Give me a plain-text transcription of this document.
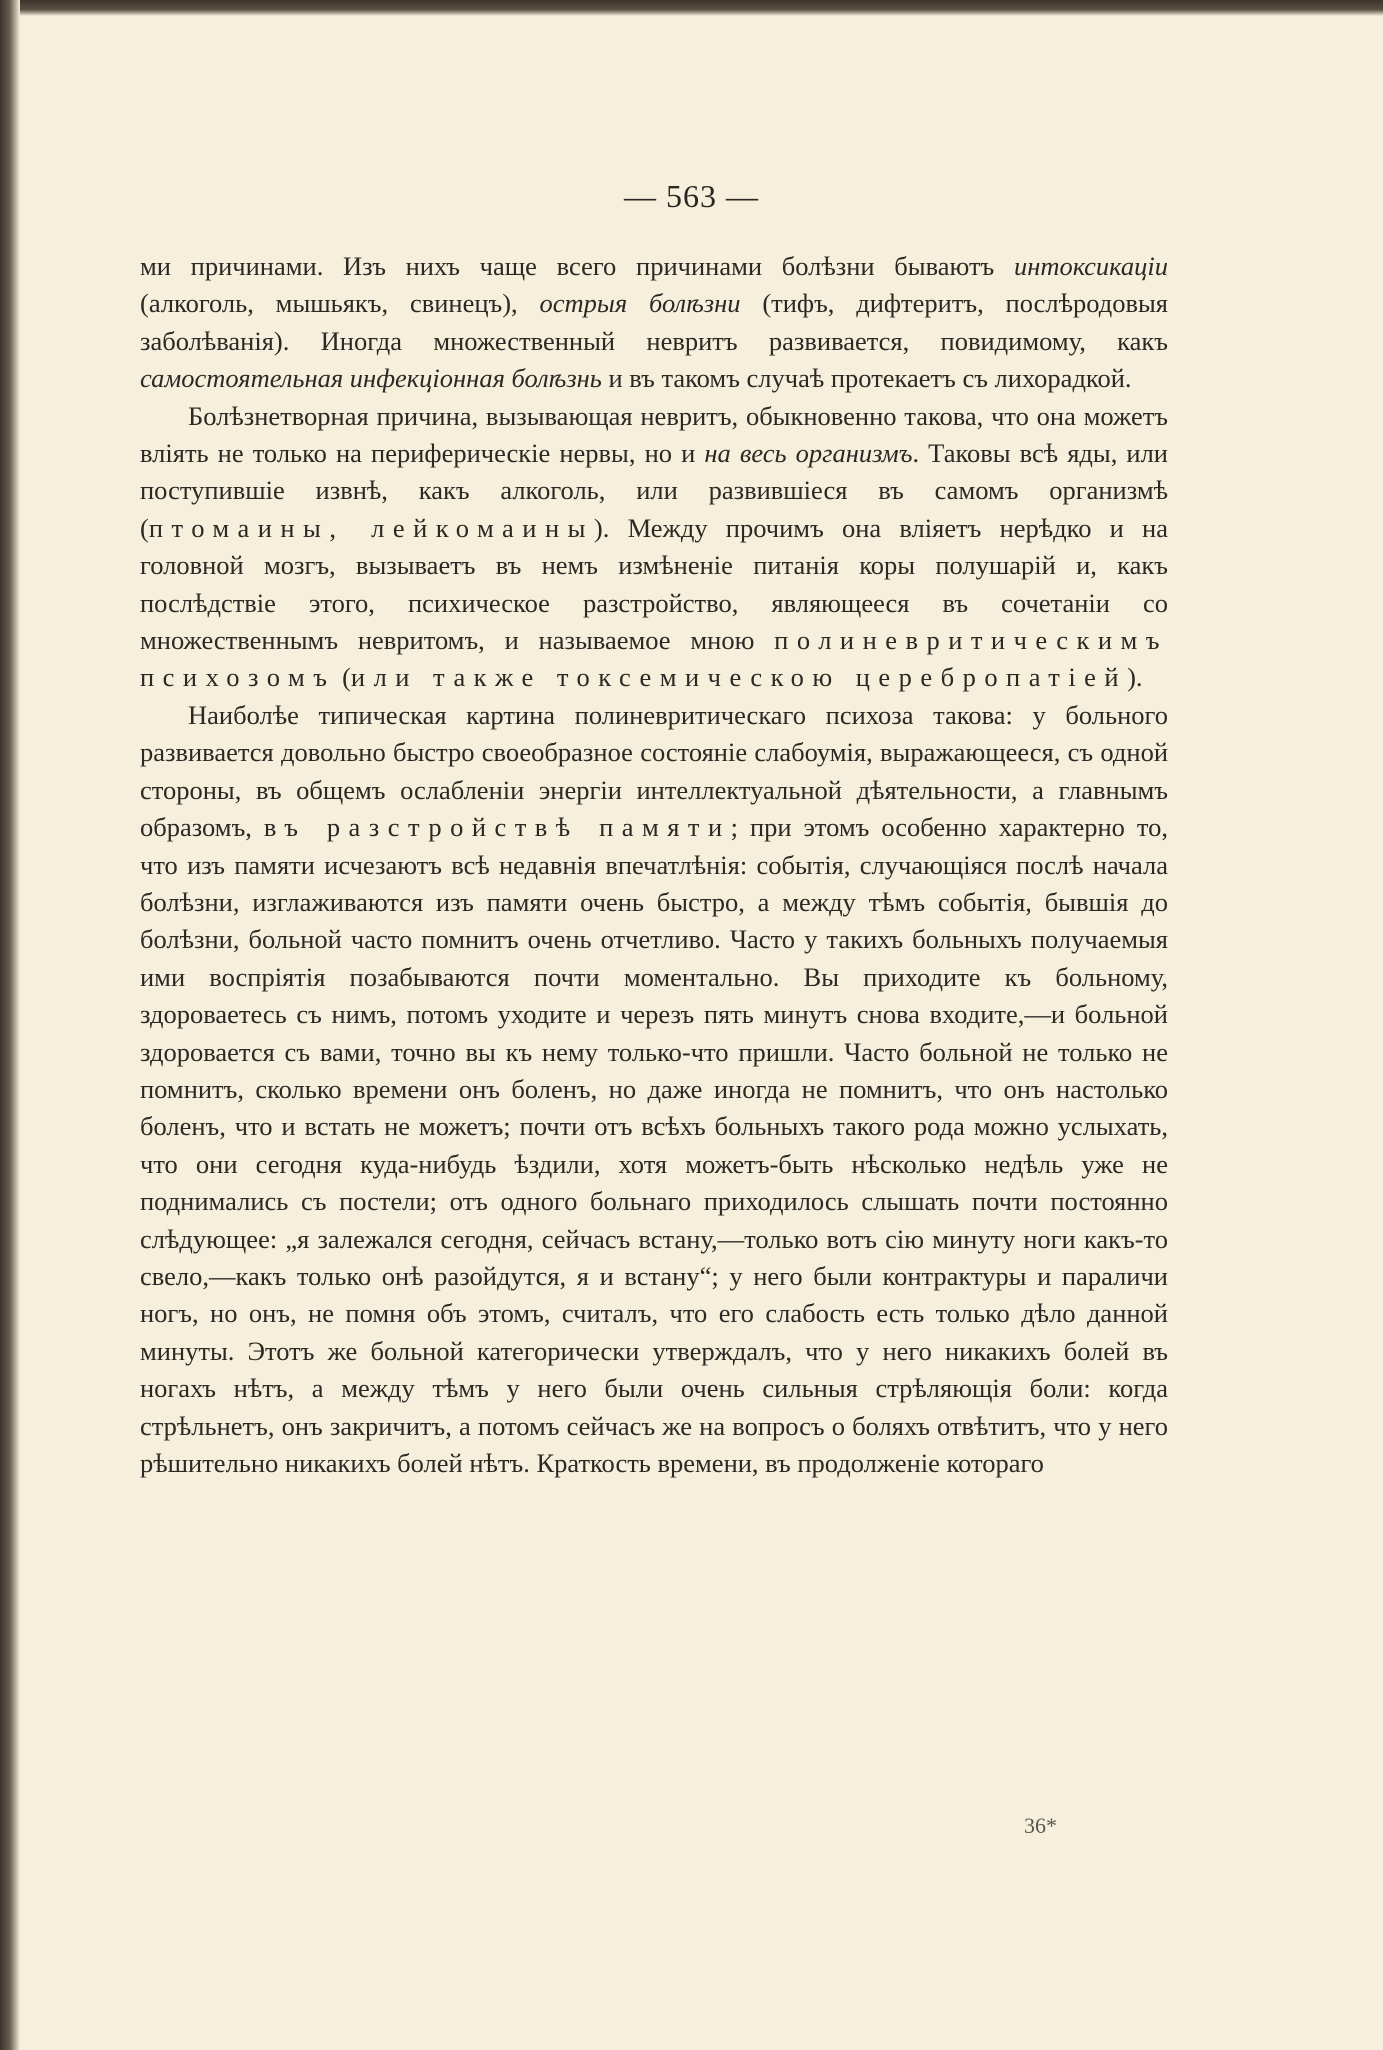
— 563 —

ми причинами. Изъ нихъ чаще всего причинами болѣзни бываютъ интоксикаціи (алкоголь, мышьякъ, свинецъ), острыя болѣзни (тифъ, дифтеритъ, послѣродовыя заболѣванія). Иногда множественный невритъ развивается, повидимому, какъ самостоятельная инфекціонная болѣзнь и въ такомъ случаѣ протекаетъ съ лихорадкой.

Болѣзнетворная причина, вызывающая невритъ, обыкновенно такова, что она можетъ вліять не только на периферическіе нервы, но и на весь организмъ. Таковы всѣ яды, или поступившіе извнѣ, какъ алкоголь, или развившіеся въ самомъ организмѣ (птомаины, лейкомаины). Между прочимъ она вліяетъ нерѣдко и на головной мозгъ, вызываетъ въ немъ измѣненіе питанія коры полушарій и, какъ послѣдствіе этого, психическое разстройство, являющееся въ сочетаніи со множественнымъ невритомъ, и называемое мною полиневритическимъ психозомъ (или также токсемическою церебропатіей).

Наиболѣе типическая картина полиневритическаго психоза такова: у больного развивается довольно быстро своеобразное состояніе слабоумія, выражающееся, съ одной стороны, въ общемъ ослабленіи энергіи интеллектуальной дѣятельности, а главнымъ образомъ, въ разстройствѣ памяти; при этомъ особенно характерно то, что изъ памяти исчезаютъ всѣ недавнія впечатлѣнія: событія, случающіяся послѣ начала болѣзни, изглаживаются изъ памяти очень быстро, а между тѣмъ событія, бывшія до болѣзни, больной часто помнитъ очень отчетливо. Часто у такихъ больныхъ получаемыя ими воспріятія позабываются почти моментально. Вы приходите къ больному, здороваетесь съ нимъ, потомъ уходите и черезъ пять минутъ снова входите,—и больной здоровается съ вами, точно вы къ нему только-что пришли. Часто больной не только не помнитъ, сколько времени онъ боленъ, но даже иногда не помнитъ, что онъ настолько боленъ, что и встать не можетъ; почти отъ всѣхъ больныхъ такого рода можно услыхать, что они сегодня куда-нибудь ѣздили, хотя можетъ-быть нѣсколько недѣль уже не поднимались съ постели; отъ одного больнаго приходилось слышать почти постоянно слѣдующее: „я залежался сегодня, сейчасъ встану,—только вотъ сію минуту ноги какъ-то свело,—какъ только онѣ разойдутся, я и встану“; у него были контрактуры и параличи ногъ, но онъ, не помня объ этомъ, считалъ, что его слабость есть только дѣло данной минуты. Этотъ же больной категорически утверждалъ, что у него никакихъ болей въ ногахъ нѣтъ, а между тѣмъ у него были очень сильныя стрѣляющія боли: когда стрѣльнетъ, онъ закричитъ, а потомъ сейчасъ же на вопросъ о боляхъ отвѣтитъ, что у него рѣшительно никакихъ болей нѣтъ. Краткость времени, въ продолженіе котораго

36*
